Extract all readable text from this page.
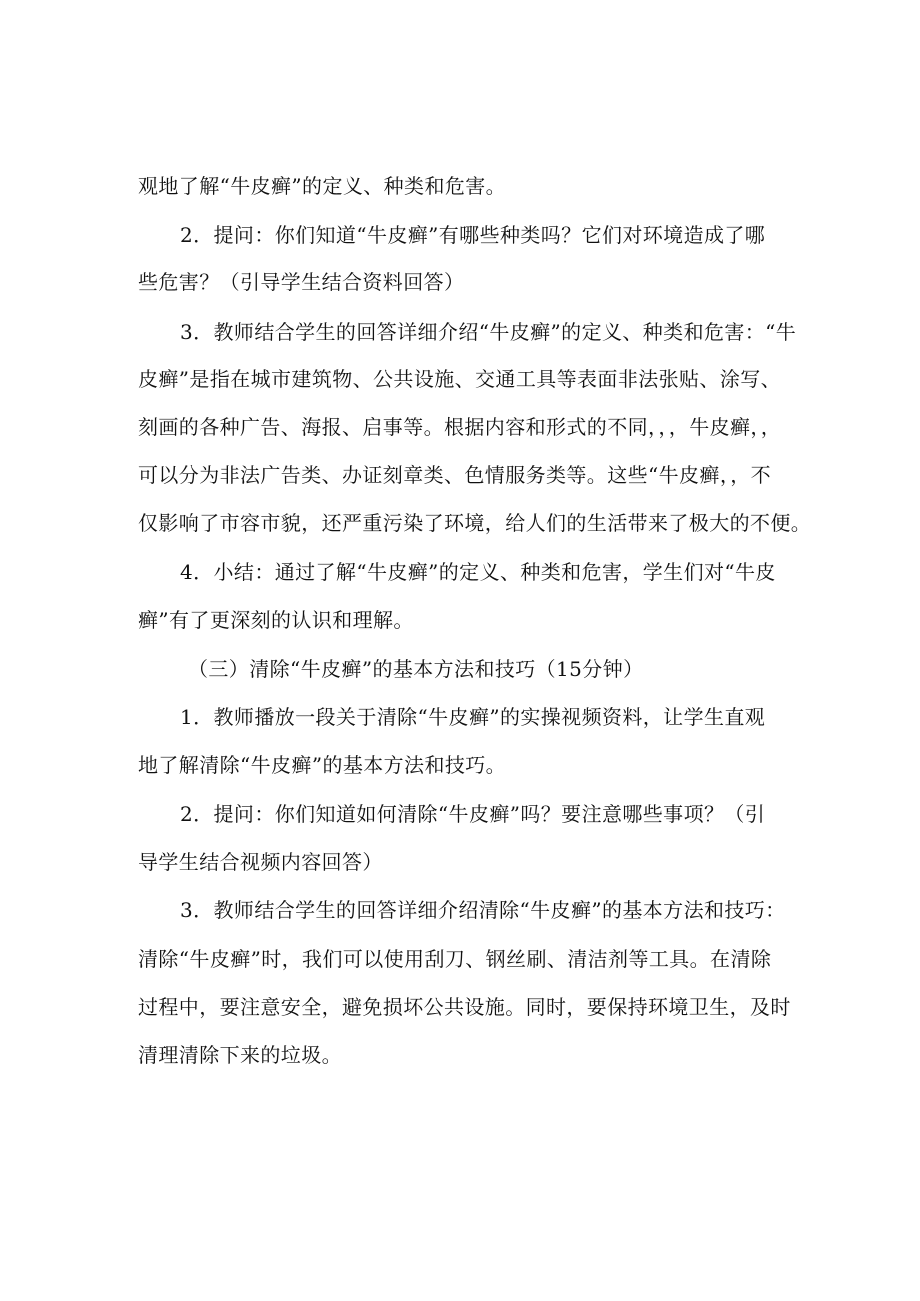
观地了解“牛皮癣”的定义、种类和危害。
2．提问：你们知道“牛皮癣”有哪些种类吗？它们对环境造成了哪
些危害？（引导学生结合资料回答）
3．教师结合学生的回答详细介绍“牛皮癣”的定义、种类和危害：“牛
皮癣”是指在城市建筑物、公共设施、交通工具等表面非法张贴、涂写、
刻画的各种广告、海报、启事等。根据内容和形式的不同，，，牛皮癣，，
可以分为非法广告类、办证刻章类、色情服务类等。这些“牛皮癣，，不
仅影响了市容市貌，还严重污染了环境，给人们的生活带来了极大的不便。
4．小结：通过了解“牛皮癣”的定义、种类和危害，学生们对“牛皮
癣”有了更深刻的认识和理解。
（三）清除“牛皮癣”的基本方法和技巧（15分钟）
1．教师播放一段关于清除“牛皮癣”的实操视频资料，让学生直观
地了解清除“牛皮癣”的基本方法和技巧。
2．提问：你们知道如何清除“牛皮癣”吗？要注意哪些事项？（引
导学生结合视频内容回答）
3．教师结合学生的回答详细介绍清除“牛皮癣”的基本方法和技巧：
清除“牛皮癣”时，我们可以使用刮刀、钢丝刷、清洁剂等工具。在清除
过程中，要注意安全，避免损坏公共设施。同时，要保持环境卫生，及时
清理清除下来的垃圾。
